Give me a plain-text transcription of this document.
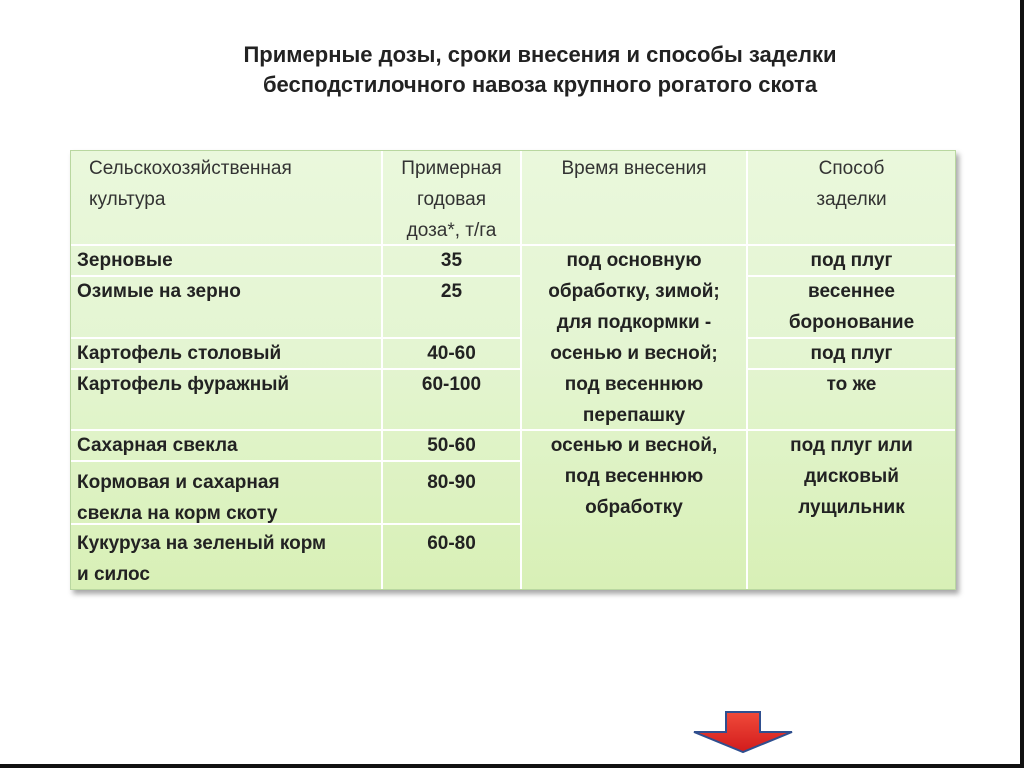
Примерные дозы, сроки внесения и способы заделки
бесподстилочного навоза крупного рогатого скота
Сельскохозяйственная
культура
Примерная
годовая
доза*, т/га
Время внесения	Способ
заделки
Зерновые
Озимые на зерно
Картофель столовый
Картофель фуражный
Сахарная свекла
Кормовая и сахарная
свекла на корм скоту
Кукуруза на зеленый корм
и силос
35
25
40-60
60-100
50-60
80-90
60-80
под основную
обработку, зимой;
для подкормки -
осенью и весной;
под весеннюю
перепашку
осенью и весной,
под весеннюю
обработку
под плуг
весеннее
боронование
под плуг
то же
под плуг или
дисковый
лущильник
